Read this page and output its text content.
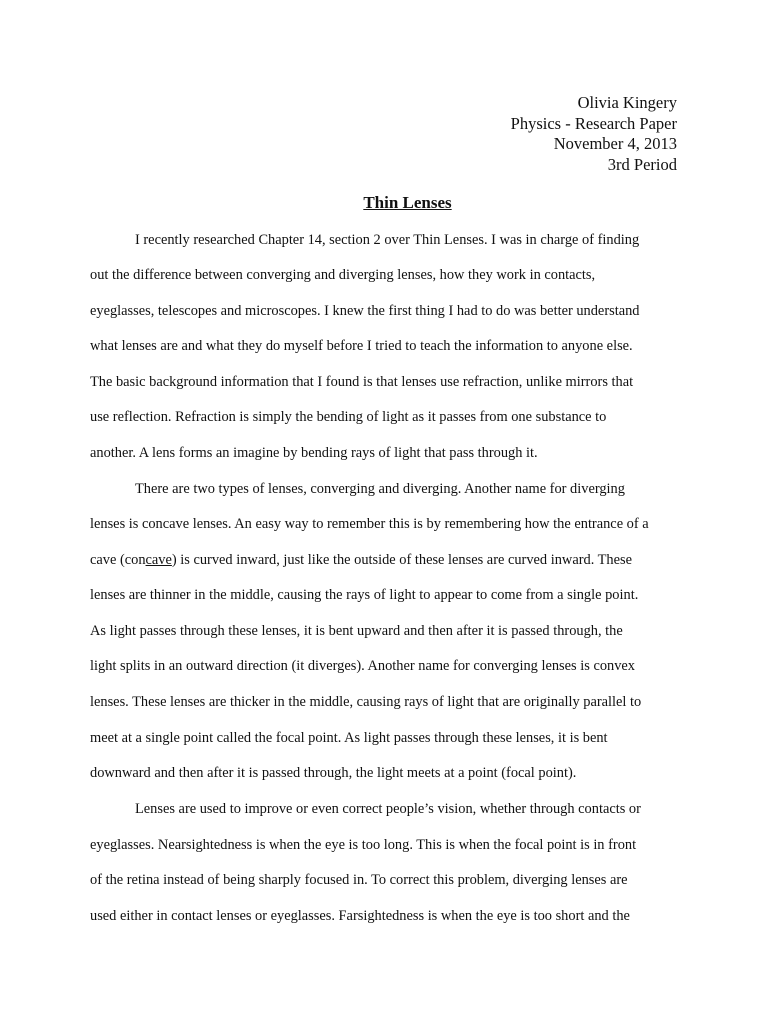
Olivia Kingery
Physics - Research Paper
November 4, 2013
3rd Period
Thin Lenses
I recently researched Chapter 14, section 2 over Thin Lenses. I was in charge of finding
out the difference between converging and diverging lenses, how they work in contacts,
eyeglasses, telescopes and microscopes. I knew the first thing I had to do was better understand
what lenses are and what they do myself before I tried to teach the information to anyone else.
The basic background information that I found is that lenses use refraction, unlike mirrors that
use reflection. Refraction is simply the bending of light as it passes from one substance to
another. A lens forms an imagine by bending rays of light that pass through it.
There are two types of lenses, converging and diverging. Another name for diverging
lenses is concave lenses. An easy way to remember this is by remembering how the entrance of a
cave (concave) is curved inward, just like the outside of these lenses are curved inward. These
lenses are thinner in the middle, causing the rays of light to appear to come from a single point.
As light passes through these lenses, it is bent upward and then after it is passed through, the
light splits in an outward direction (it diverges). Another name for converging lenses is convex
lenses. These lenses are thicker in the middle, causing rays of light that are originally parallel to
meet at a single point called the focal point. As light passes through these lenses, it is bent
downward and then after it is passed through, the light meets at a point (focal point).
Lenses are used to improve or even correct people’s vision, whether through contacts or
eyeglasses. Nearsightedness is when the eye is too long. This is when the focal point is in front
of the retina instead of being sharply focused in. To correct this problem, diverging lenses are
used either in contact lenses or eyeglasses. Farsightedness is when the eye is too short and the
